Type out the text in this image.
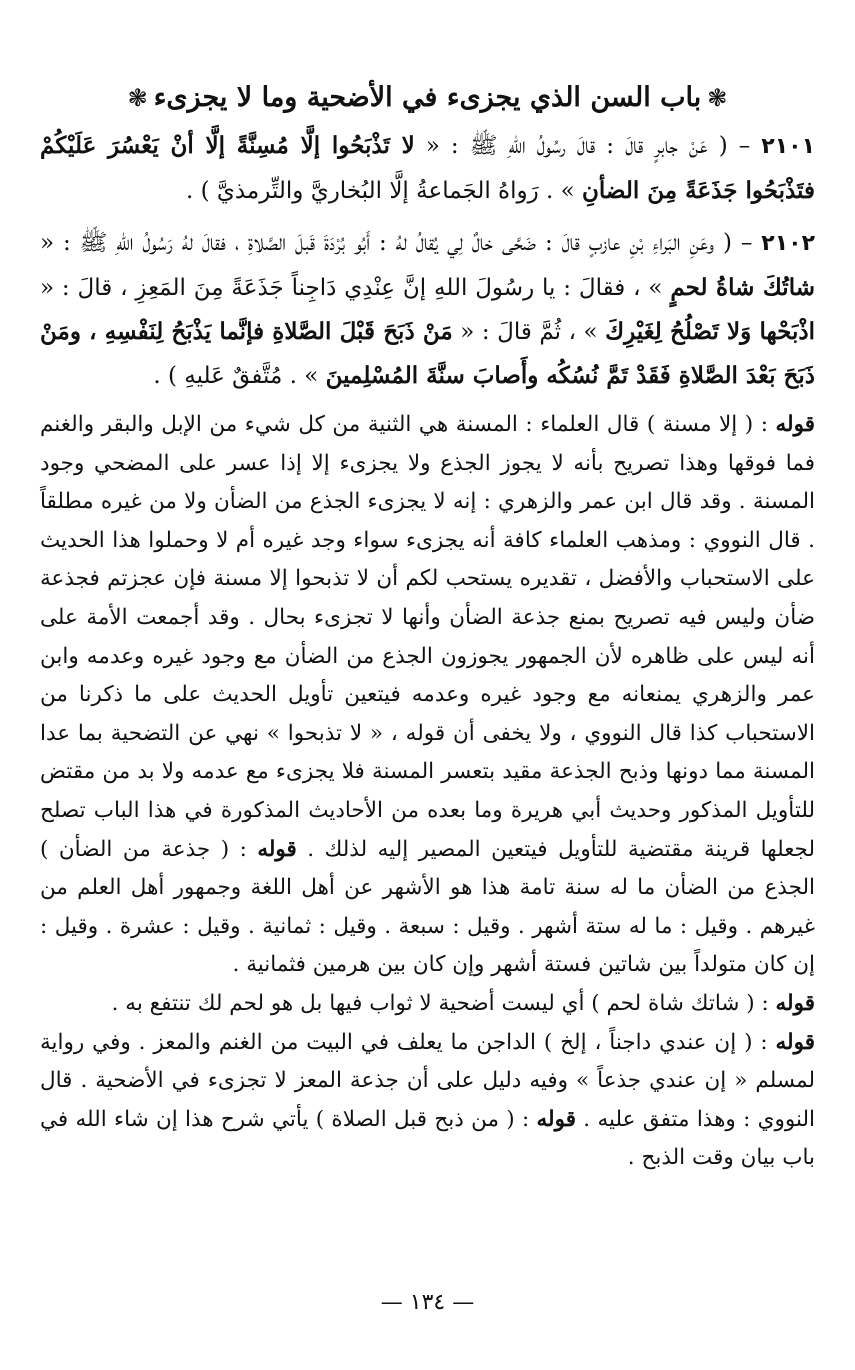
❃باب السن الذي يجزىء في الأضحية وما لا يجزىء❃

٢١٠١ – ( عَنْ جابرٍ قالَ : قالَ رسُولُ اللهِ ﷺ : « لا تَذْبَحُوا إلَّا مُسِنَّةً إلَّا أنْ يَعْسُرَ عَلَيْكُمْ فتَذْبَحُوا جَذَعَةً مِنَ الضأنِ » . رَواهُ الجَماعةُ إلَّا البُخاريَّ والتِّرمذيَّ ) .

٢١٠٢ – ( وعَنِ البَراءِ بْنِ عازبٍ قالَ : ضَحَّى خالٌ لِي يُقالُ لهُ : أَبُو بُرْدَةَ قَبلَ الصَّلاةِ ، فقالَ لهُ رَسُولُ اللهِ ﷺ : « شاتُكَ شاةُ لحمٍ » ، فقالَ : يا رسُولَ اللهِ إنَّ عِنْدِي دَاجِناً جَذَعَةً مِنَ المَعِزِ ، قالَ : « اذْبَحْها وَلا تَصْلُحُ لِغَيْرِكَ » ، ثُمَّ قالَ : « مَنْ ذَبَحَ قَبْلَ الصَّلاةِ فإنَّما يَذْبَحُ لِنَفْسِهِ ، ومَنْ ذَبَحَ بَعْدَ الصَّلاةِ فَقَدْ تَمَّ نُسُكُه وأَصابَ سنَّةَ المُسْلِمينَ » . مُتَّفقٌ عَليهِ ) .

قوله : ( إلا مسنة ) قال العلماء : المسنة هي الثنية من كل شيء من الإبل والبقر والغنم فما فوقها وهذا تصريح بأنه لا يجوز الجذع ولا يجزىء إلا إذا عسر على المضحي وجود المسنة . وقد قال ابن عمر والزهري : إنه لا يجزىء الجذع من الضأن ولا من غيره مطلقاً . قال النووي : ومذهب العلماء كافة أنه يجزىء سواء وجد غيره أم لا وحملوا هذا الحديث على الاستحباب والأفضل ، تقديره يستحب لكم أن لا تذبحوا إلا مسنة فإن عجزتم فجذعة ضأن وليس فيه تصريح بمنع جذعة الضأن وأنها لا تجزىء بحال . وقد أجمعت الأمة على أنه ليس على ظاهره لأن الجمهور يجوزون الجذع من الضأن مع وجود غيره وعدمه وابن عمر والزهري يمنعانه مع وجود غيره وعدمه فيتعين تأويل الحديث على ما ذكرنا من الاستحباب كذا قال النووي ، ولا يخفى أن قوله ، « لا تذبحوا » نهي عن التضحية بما عدا المسنة مما دونها وذبح الجذعة مقيد بتعسر المسنة فلا يجزىء مع عدمه ولا بد من مقتض للتأويل المذكور وحديث أبي هريرة وما بعده من الأحاديث المذكورة في هذا الباب تصلح لجعلها قرينة مقتضية للتأويل فيتعين المصير إليه لذلك . قوله : ( جذعة من الضأن ) الجذع من الضأن ما له سنة تامة هذا هو الأشهر عن أهل اللغة وجمهور أهل العلم من غيرهم . وقيل : ما له ستة أشهر . وقيل : سبعة . وقيل : ثمانية . وقيل : عشرة . وقيل : إن كان متولداً بين شاتين فستة أشهر وإن كان بين هرمين فثمانية .
قوله : ( شاتك شاة لحم ) أي ليست أضحية لا ثواب فيها بل هو لحم لك تنتفع به .
قوله : ( إن عندي داجناً ، إلخ ) الداجن ما يعلف في البيت من الغنم والمعز . وفي رواية لمسلم « إن عندي جذعاً » وفيه دليل على أن جذعة المعز لا تجزىء في الأضحية . قال النووي : وهذا متفق عليه . قوله : ( من ذبح قبل الصلاة ) يأتي شرح هذا إن شاء الله في باب بيان وقت الذبح .

— ١٣٤ —
